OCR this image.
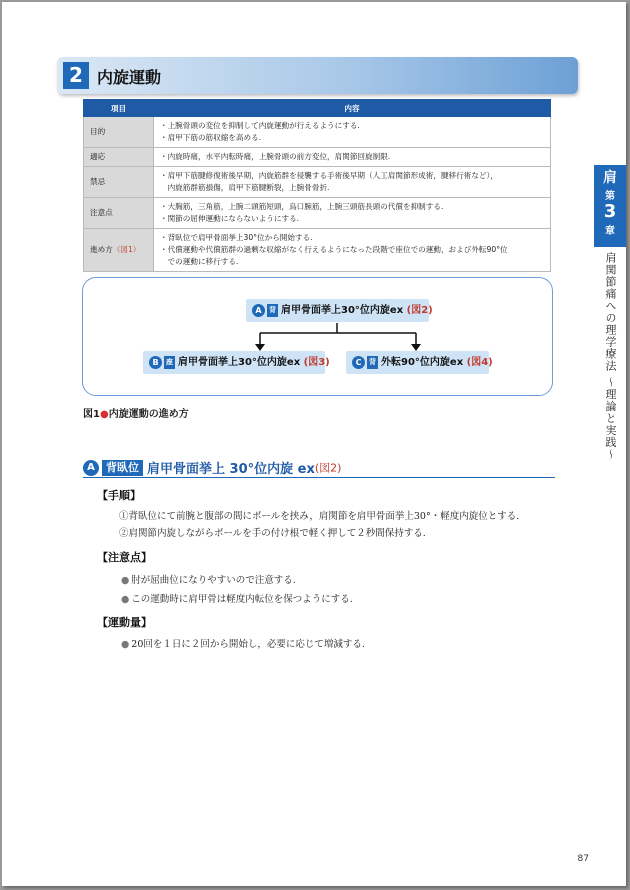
2 内旋運動
項目	内容
目的	・上腕骨頭の変位を抑制して内旋運動が行えるようにする.
・肩甲下筋の筋収縮を高める.

適応	・内旋時痛，水平内転時痛，上腕骨頭の前方変位，肩関節回旋制限.

禁忌	・肩甲下筋腱修復術後早期，内旋筋群を侵襲する手術後早期（人工肩関節形成術，腱移行術など），
　内旋筋群筋損傷，肩甲下筋腱断裂，上腕骨骨折.

注意点	・大胸筋，三角筋，上腕二頭筋短頭，烏口腕筋，上腕三頭筋長頭の代償を抑制する.
・関節の屈伸運動にならないようにする.

進め方（図1）	・背臥位で肩甲骨面挙上30°位から開始する.
・代償運動や代償筋群の過剰な収縮がなく行えるようになった段階で座位での運動，および外転90°位
　での運動に移行する.
肩
第
3
章
肩関節痛への理学療法 〜理論と実践〜
A 背 肩甲骨面挙上30°位内旋ex (図2)
B 座 肩甲骨面挙上30°位内旋ex (図3)	C 背 外転90°位内旋ex (図4)
図1●内旋運動の進め方
A 背臥位 肩甲骨面挙上 30°位内旋 ex(図2)
【手順】
①背臥位にて前腕と腹部の間にボールを挟み，肩関節を肩甲骨面挙上30°・軽度内旋位とする.
②肩関節内旋しながらボールを手の付け根で軽く押して２秒間保持する.
【注意点】
● 肘が屈曲位になりやすいので注意する.
● この運動時に肩甲骨は軽度内転位を保つようにする.
【運動量】
● 20回を１日に２回から開始し，必要に応じて増減する.
87
